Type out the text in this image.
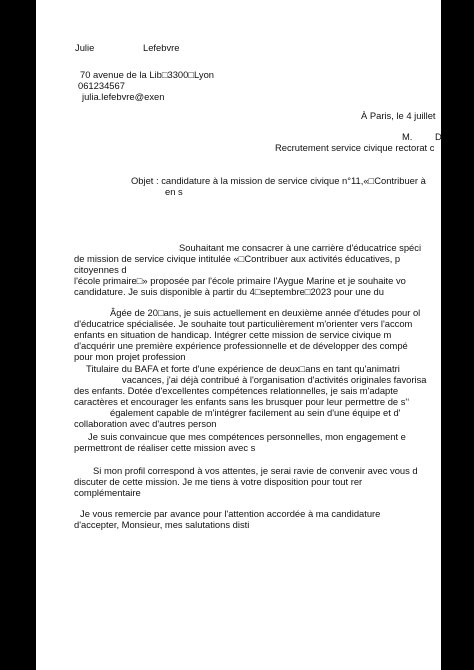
Julie	Lefebvre
70 avenue de la Lib□3300□Lyon
061234567
julia.lefebvre@exen
À Paris, le 4 juillet
M. D
Recrutement service civique rectorat c
Objet : candidature à la mission de service civique n°11,«□Contribuer à
en s
Souhaitant me consacrer à une carrière d'éducatrice spéci
de mission de service civique intitulée «□Contribuer aux activités éducatives, p
citoyennes d
l'école primaire□» proposée par l'école primaire l'Aygue Marine et je souhaite vo
candidature. Je suis disponible à partir du 4□septembre□2023 pour une du
Âgée de 20□ans, je suis actuellement en deuxième année d'études pour ol
d'éducatrice spécialisée. Je souhaite tout particulièrement m'orienter vers l'accom
enfants en situation de handicap. Intégrer cette mission de service civique m
d'acquérir une première expérience professionnelle et de développer des compé
pour mon projet profession
Titulaire du BAFA et forte d'une expérience de deux□ans en tant qu'animatri
vacances, j'ai déjà contribué à l'organisation d'activités originales favorisa
des enfants. Dotée d'excellentes compétences relationnelles, je sais m'adapte
caractères et encourager les enfants sans les brusquer pour leur permettre de s'‘
également capable de m'intégrer facilement au sein d'une équipe et d'
collaboration avec d'autres person
Je suis convaincue que mes compétences personnelles, mon engagement e
permettront de réaliser cette mission avec s
Si mon profil correspond à vos attentes, je serai ravie de convenir avec vous d
discuter de cette mission. Je me tiens à votre disposition pour tout rer
complémentaire
Je vous remercie par avance pour l'attention accordée à ma candidature
d'accepter, Monsieur, mes salutations disti
